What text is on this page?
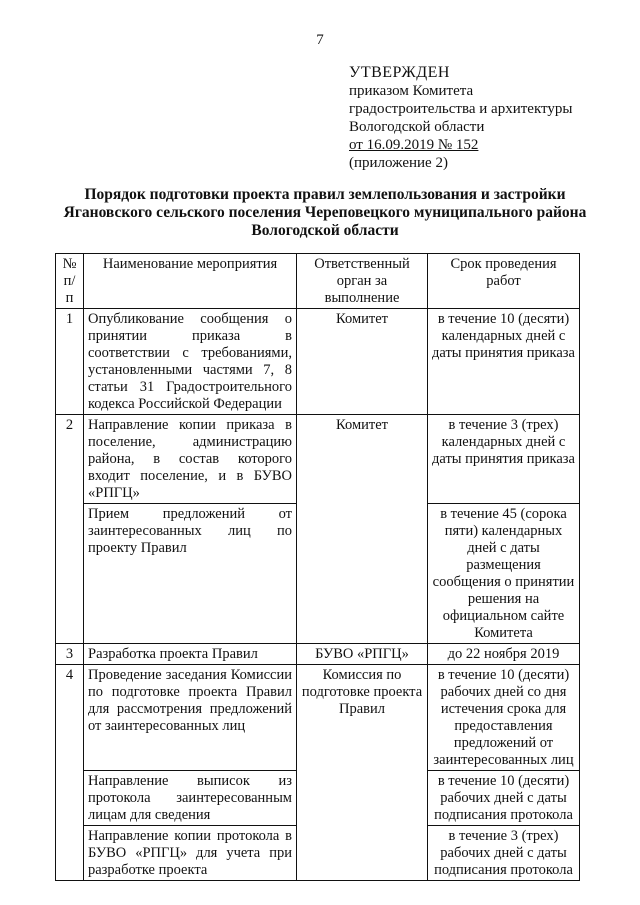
7
УТВЕРЖДЕН
приказом Комитета
градостроительства и архитектуры
Вологодской области
от 16.09.2019 № 152
(приложение 2)
Порядок подготовки проекта правил землепользования и застройки
Ягановского сельского поселения Череповецкого муниципального района
Вологодской области
№ п/п	Наименование мероприятия	Ответственный орган за выполнение	Срок проведения работ
1	Опубликование сообщения о принятии приказа в соответствии с требованиями, установленными частями 7, 8 статьи 31 Градостроительного кодекса Российской Федерации	Комитет	в течение 10 (десяти) календарных дней с даты принятия приказа
2	Направление копии приказа в поселение, администрацию района, в состав которого входит поселение, и в БУВО «РПГЦ»	Комитет	в течение 3 (трех) календарных дней с даты принятия приказа
	Прием предложений от заинтересованных лиц по проекту Правил		в течение 45 (сорока пяти) календарных дней с даты размещения сообщения о принятии решения на официальном сайте Комитета
3	Разработка проекта Правил	БУВО «РПГЦ»	до 22 ноября 2019
4	Проведение заседания Комиссии по подготовке проекта Правил для рассмотрения предложений от заинтересованных лиц	Комиссия по подготовке проекта Правил	в течение 10 (десяти) рабочих дней со дня истечения срока для предоставления предложений от заинтересованных лиц
	Направление выписок из протокола заинтересованным лицам для сведения		в течение 10 (десяти) рабочих дней с даты подписания протокола
	Направление копии протокола в БУВО «РПГЦ» для учета при разработке проекта		в течение 3 (трех) рабочих дней с даты подписания протокола
